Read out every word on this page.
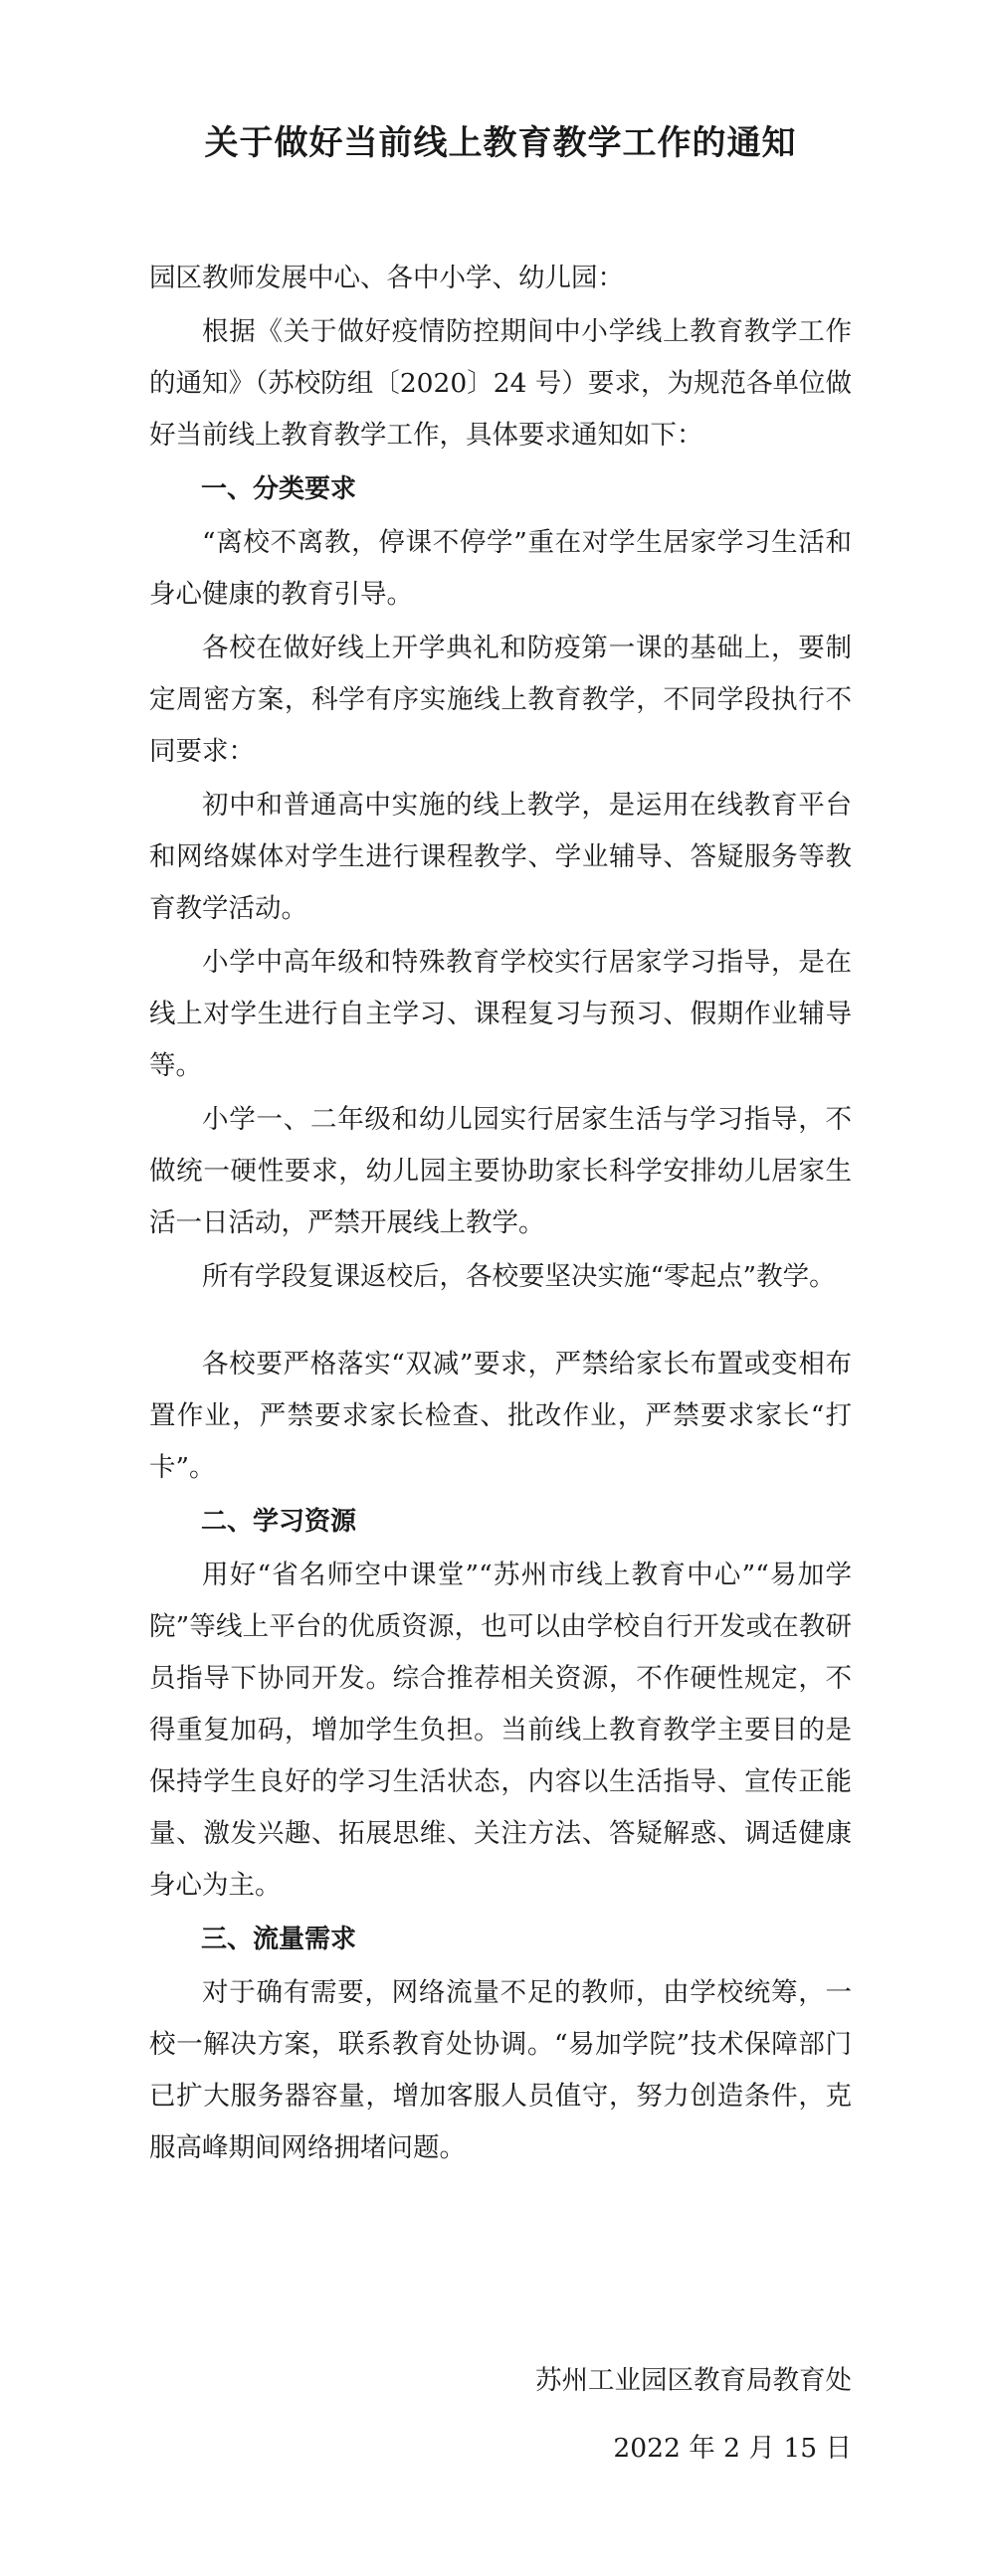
关于做好当前线上教育教学工作的通知

园区教师发展中心、各中小学、幼儿园：

根据《关于做好疫情防控期间中小学线上教育教学工作的通知》（苏校防组〔2020〕24 号）要求，为规范各单位做好当前线上教育教学工作，具体要求通知如下：

一、分类要求

“离校不离教，停课不停学”重在对学生居家学习生活和身心健康的教育引导。

各校在做好线上开学典礼和防疫第一课的基础上，要制定周密方案，科学有序实施线上教育教学，不同学段执行不同要求：

初中和普通高中实施的线上教学，是运用在线教育平台和网络媒体对学生进行课程教学、学业辅导、答疑服务等教育教学活动。

小学中高年级和特殊教育学校实行居家学习指导，是在线上对学生进行自主学习、课程复习与预习、假期作业辅导等。

小学一、二年级和幼儿园实行居家生活与学习指导，不做统一硬性要求，幼儿园主要协助家长科学安排幼儿居家生活一日活动，严禁开展线上教学。

所有学段复课返校后，各校要坚决实施“零起点”教学。

各校要严格落实“双减”要求，严禁给家长布置或变相布置作业，严禁要求家长检查、批改作业，严禁要求家长“打卡”。

二、学习资源

用好“省名师空中课堂”“苏州市线上教育中心”“易加学院”等线上平台的优质资源，也可以由学校自行开发或在教研员指导下协同开发。综合推荐相关资源，不作硬性规定，不得重复加码，增加学生负担。当前线上教育教学主要目的是保持学生良好的学习生活状态，内容以生活指导、宣传正能量、激发兴趣、拓展思维、关注方法、答疑解惑、调适健康身心为主。

三、流量需求

对于确有需要，网络流量不足的教师，由学校统筹，一校一解决方案，联系教育处协调。“易加学院”技术保障部门已扩大服务器容量，增加客服人员值守，努力创造条件，克服高峰期间网络拥堵问题。

苏州工业园区教育局教育处
2022 年 2 月 15 日
